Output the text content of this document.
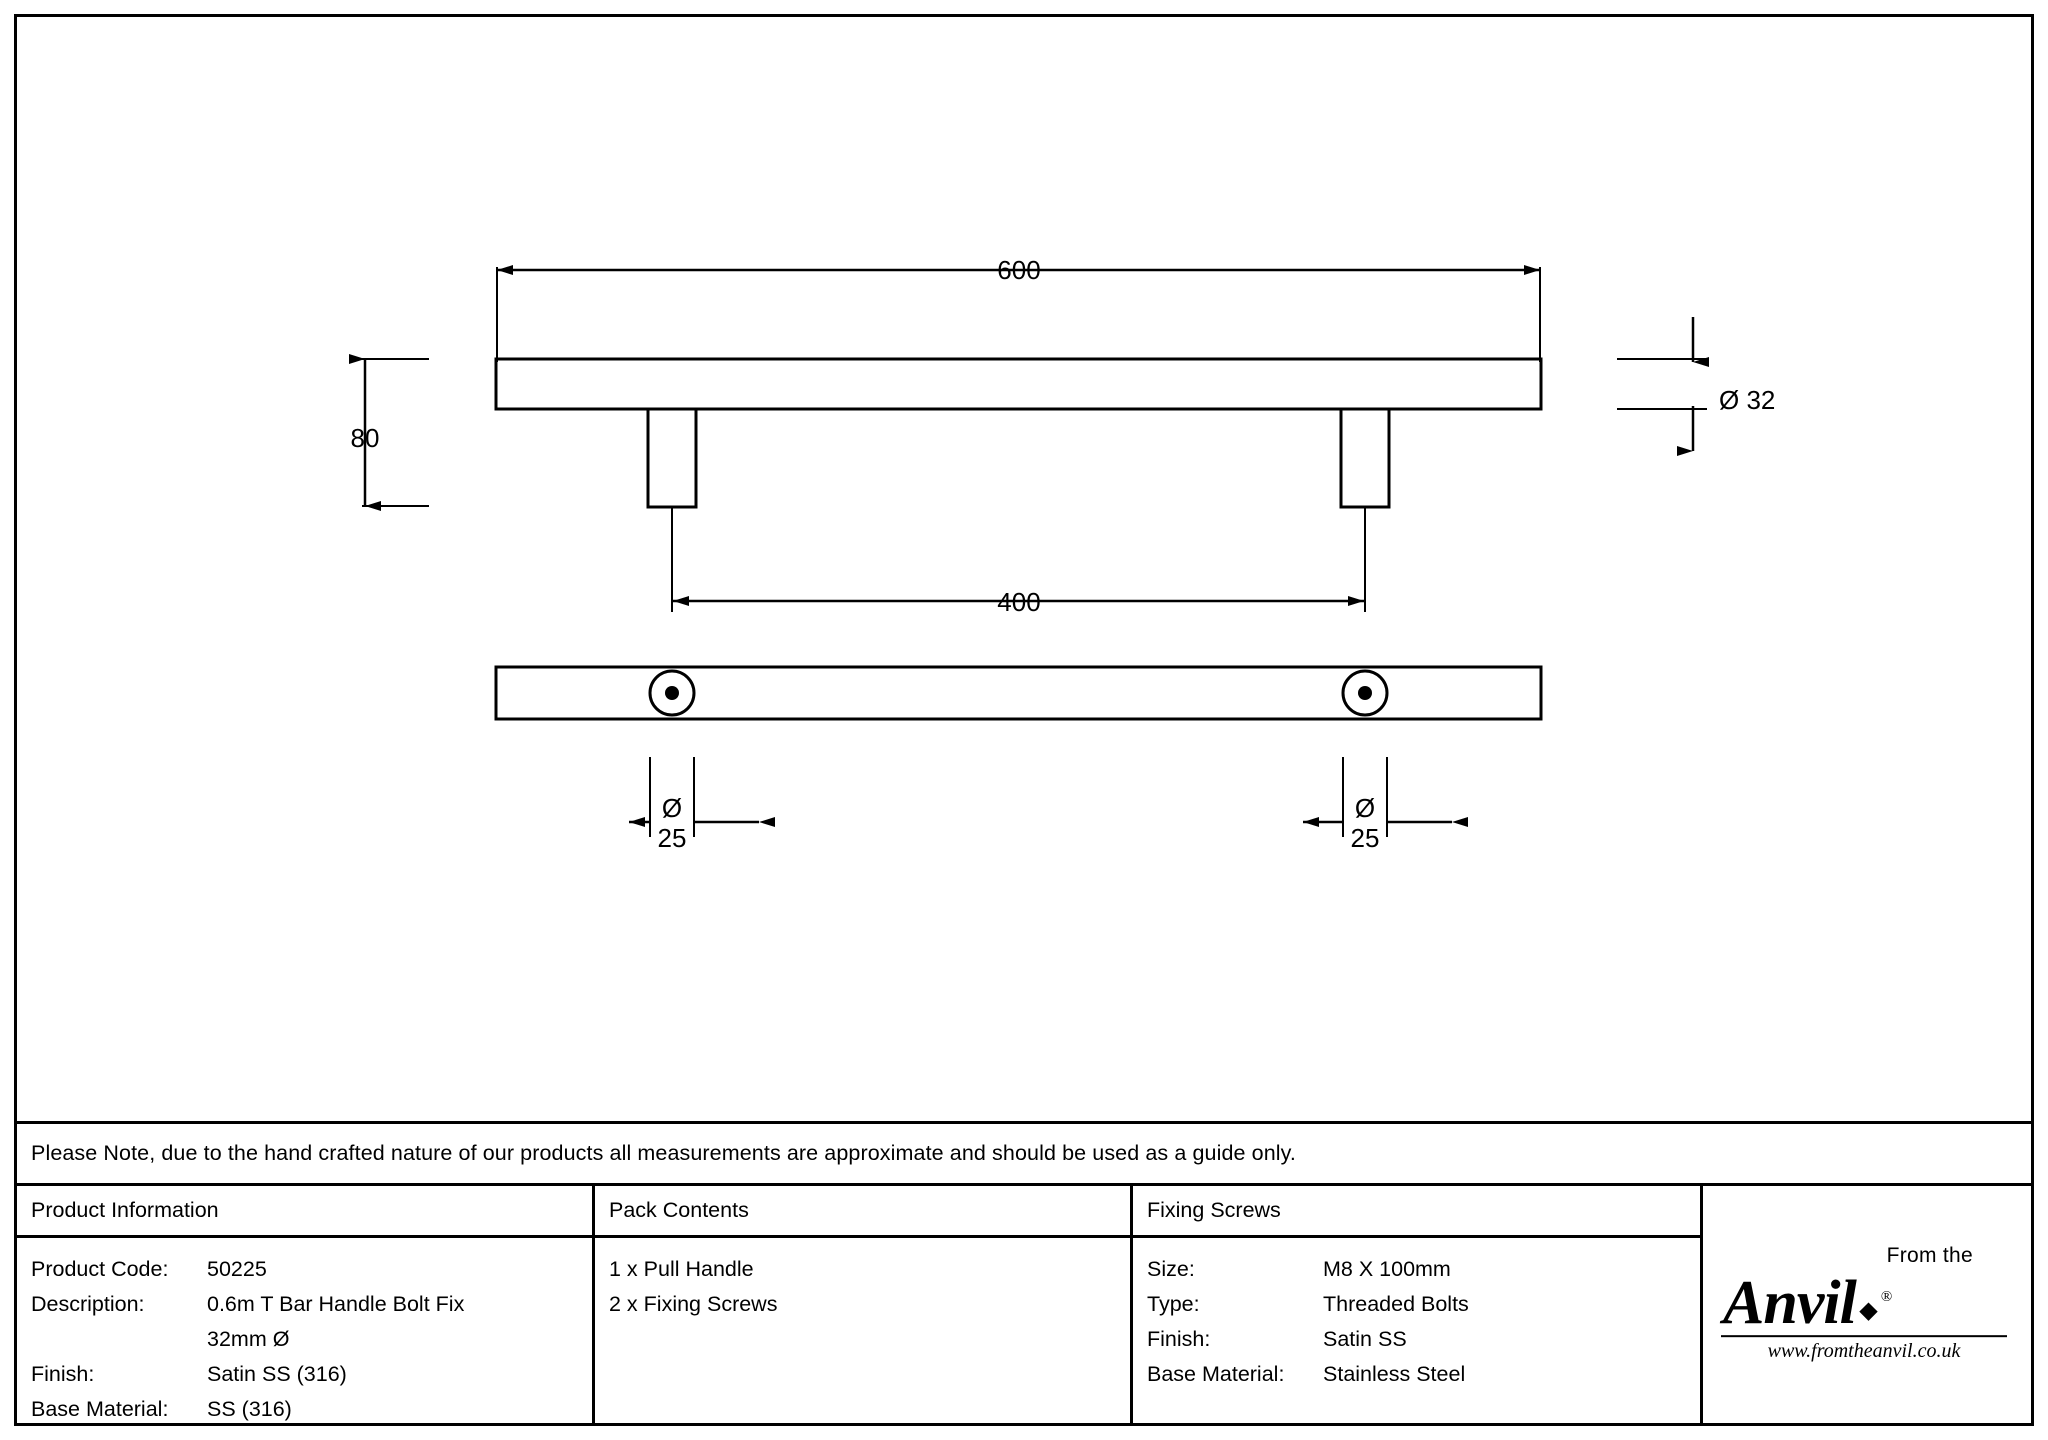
600
80
Ø 32
400
Ø
25
Ø
25
Please Note, due to the hand crafted nature of our products all measurements are approximate and should be used as a guide only.
Product Information
Product Code:	50225
Description:	0.6m T Bar Handle Bolt Fix
32mm Ø
Finish:	Satin SS (316)
Base Material:	SS (316)
Pack Contents
1 x Pull Handle
2 x Fixing Screws
Fixing Screws
Size:	M8 X 100mm
Type:	Threaded Bolts
Finish:	Satin SS
Base Material:	Stainless Steel
From the
Anvil ®
www.fromtheanvil.co.uk
